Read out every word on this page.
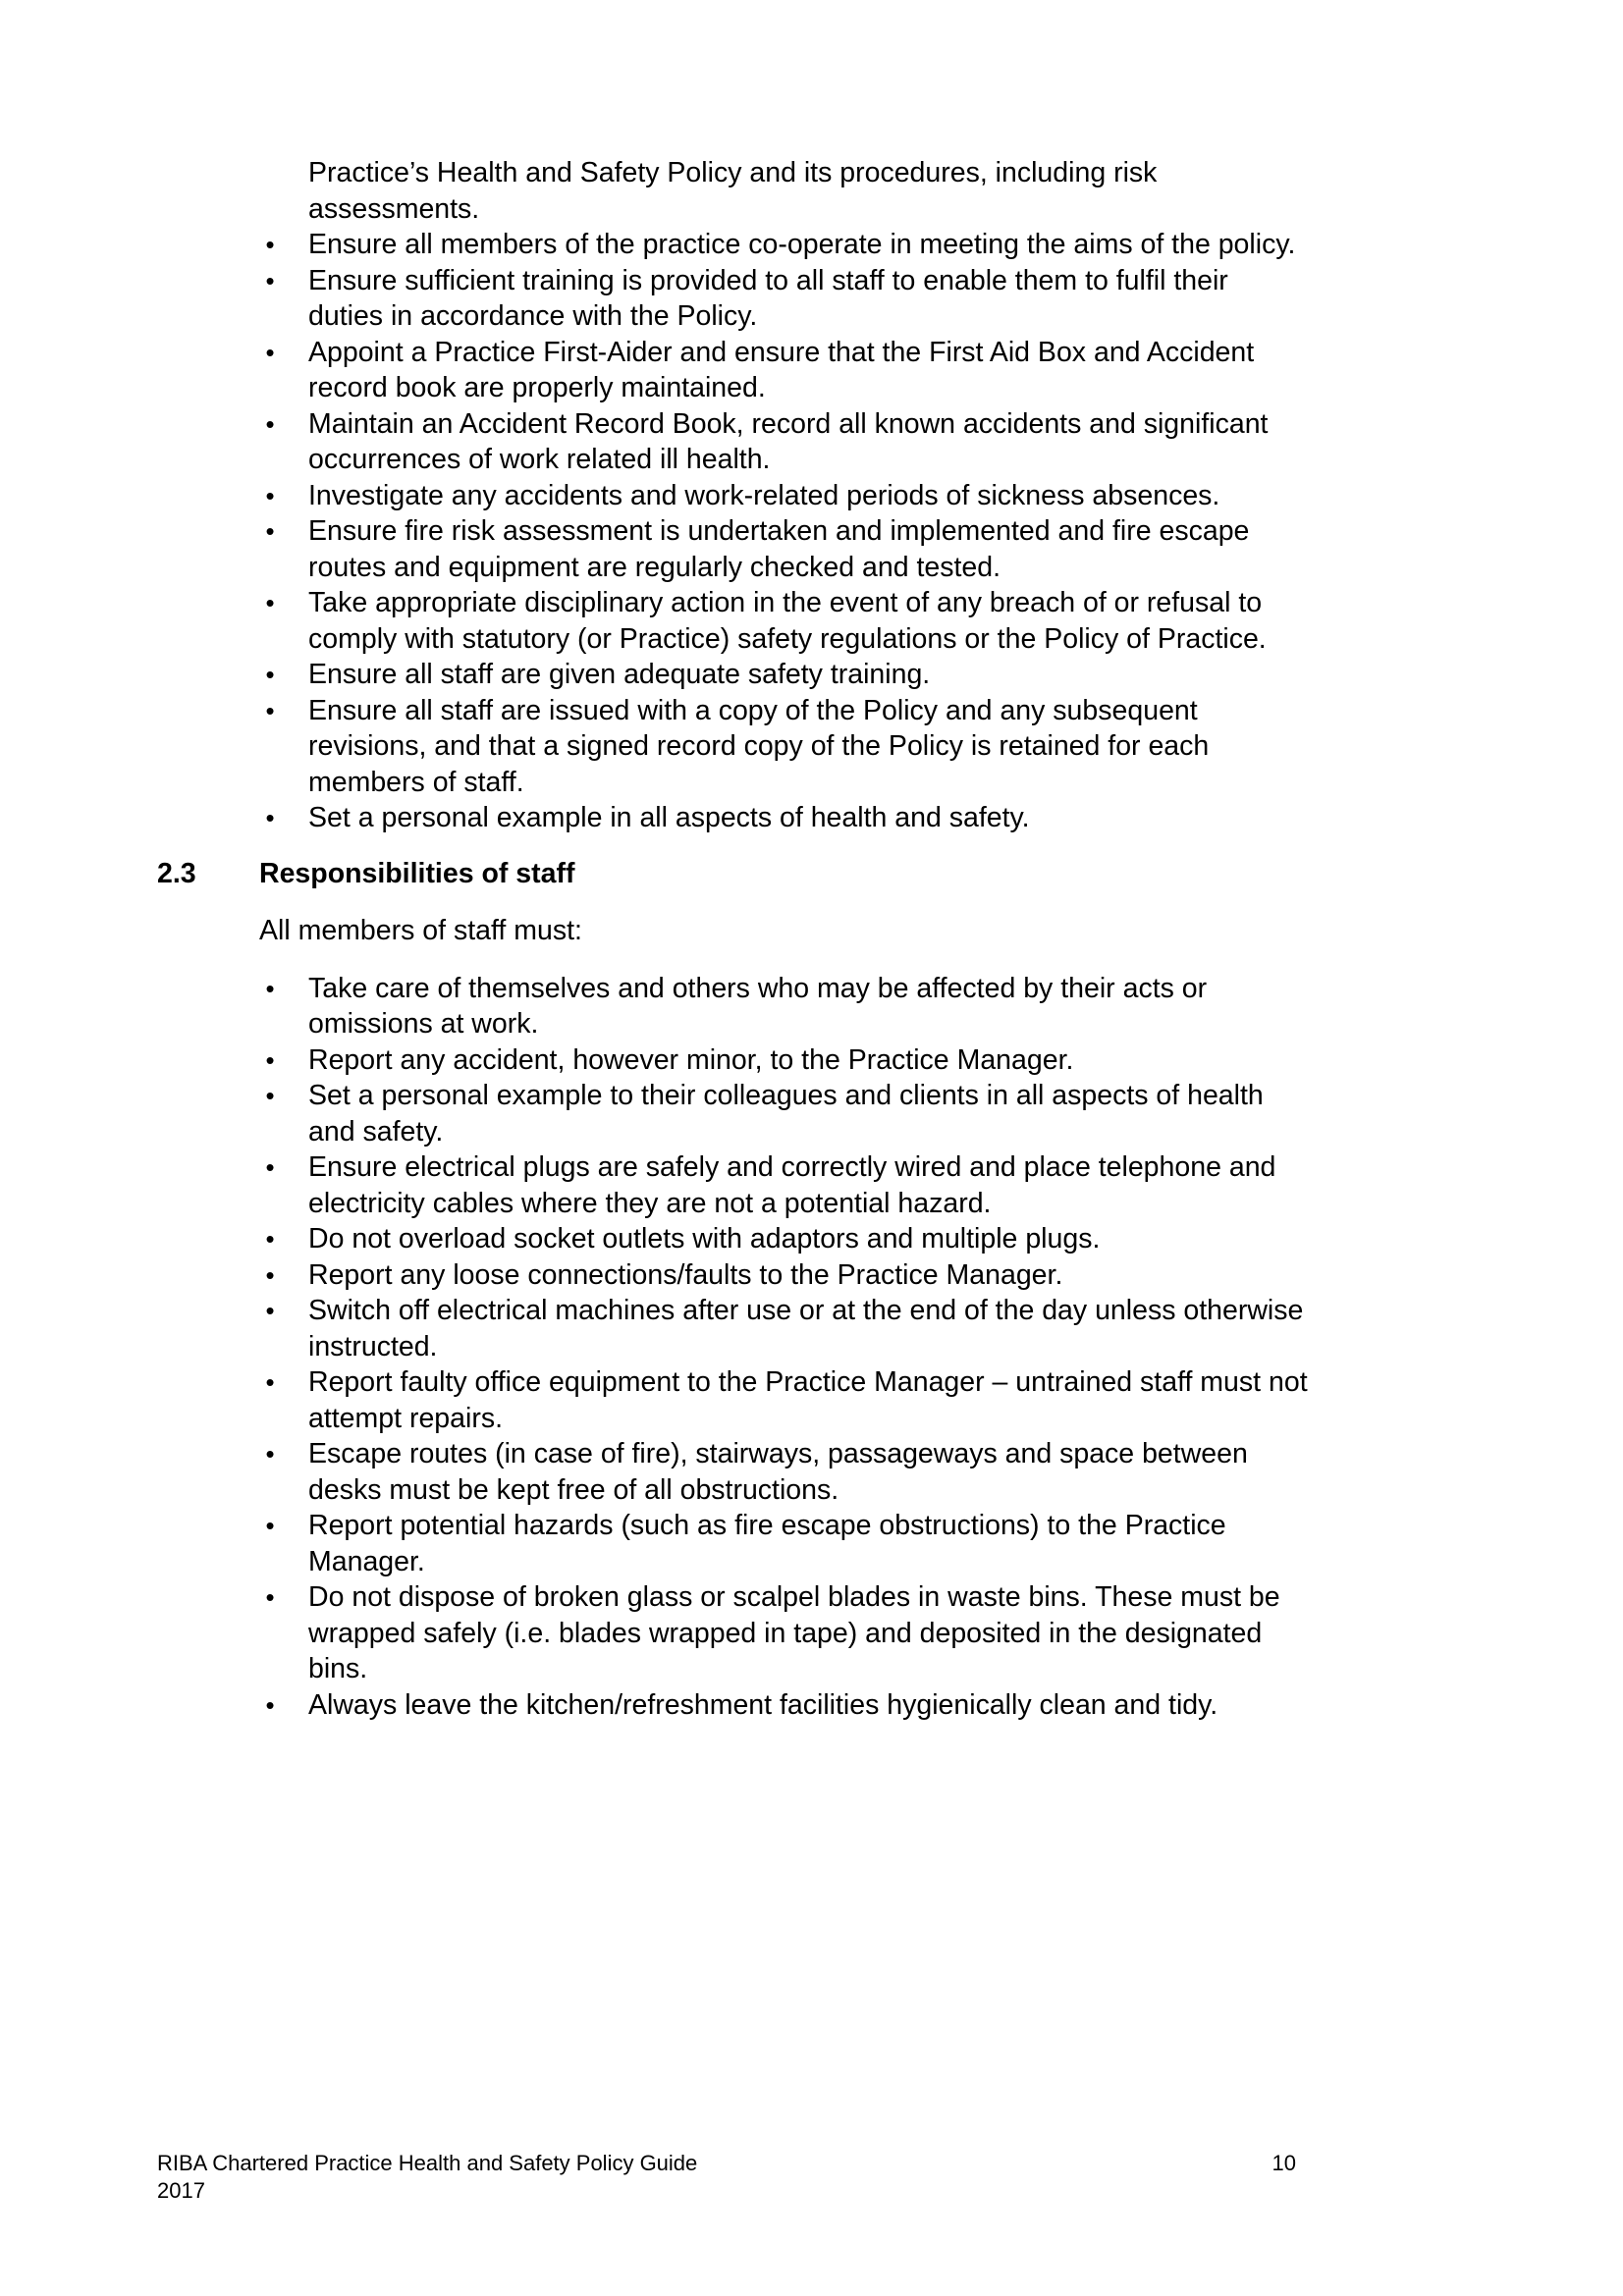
Practice’s Health and Safety Policy and its procedures, including risk assessments.
•	Ensure all members of the practice co-operate in meeting the aims of the policy.
•	Ensure sufficient training is provided to all staff to enable them to fulfil their duties in accordance with the Policy.
•	Appoint a Practice First-Aider and ensure that the First Aid Box and Accident record book are properly maintained.
•	Maintain an Accident Record Book, record all known accidents and significant occurrences of work related ill health.
•	Investigate any accidents and work-related periods of sickness absences.
•	Ensure fire risk assessment is undertaken and implemented and fire escape routes and equipment are regularly checked and tested.
•	Take appropriate disciplinary action in the event of any breach of or refusal to comply with statutory (or Practice) safety regulations or the Policy of Practice.
•	Ensure all staff are given adequate safety training.
•	Ensure all staff are issued with a copy of the Policy and any subsequent revisions, and that a signed record copy of the Policy is retained for each members of staff.
•	Set a personal example in all aspects of health and safety.
2.3	Responsibilities of staff
All members of staff must:
•	Take care of themselves and others who may be affected by their acts or omissions at work.
•	Report any accident, however minor, to the Practice Manager.
•	Set a personal example to their colleagues and clients in all aspects of health and safety.
•	Ensure electrical plugs are safely and correctly wired and place telephone and electricity cables where they are not a potential hazard.
•	Do not overload socket outlets with adaptors and multiple plugs.
•	Report any loose connections/faults to the Practice Manager.
•	Switch off electrical machines after use or at the end of the day unless otherwise instructed.
•	Report faulty office equipment to the Practice Manager – untrained staff must not attempt repairs.
•	Escape routes (in case of fire), stairways, passageways and space between desks must be kept free of all obstructions.
•	Report potential hazards (such as fire escape obstructions) to the Practice Manager.
•	Do not dispose of broken glass or scalpel blades in waste bins. These must be wrapped safely (i.e. blades wrapped in tape) and deposited in the designated bins.
•	Always leave the kitchen/refreshment facilities hygienically clean and tidy.
RIBA Chartered Practice Health and Safety Policy Guide
2017
10
